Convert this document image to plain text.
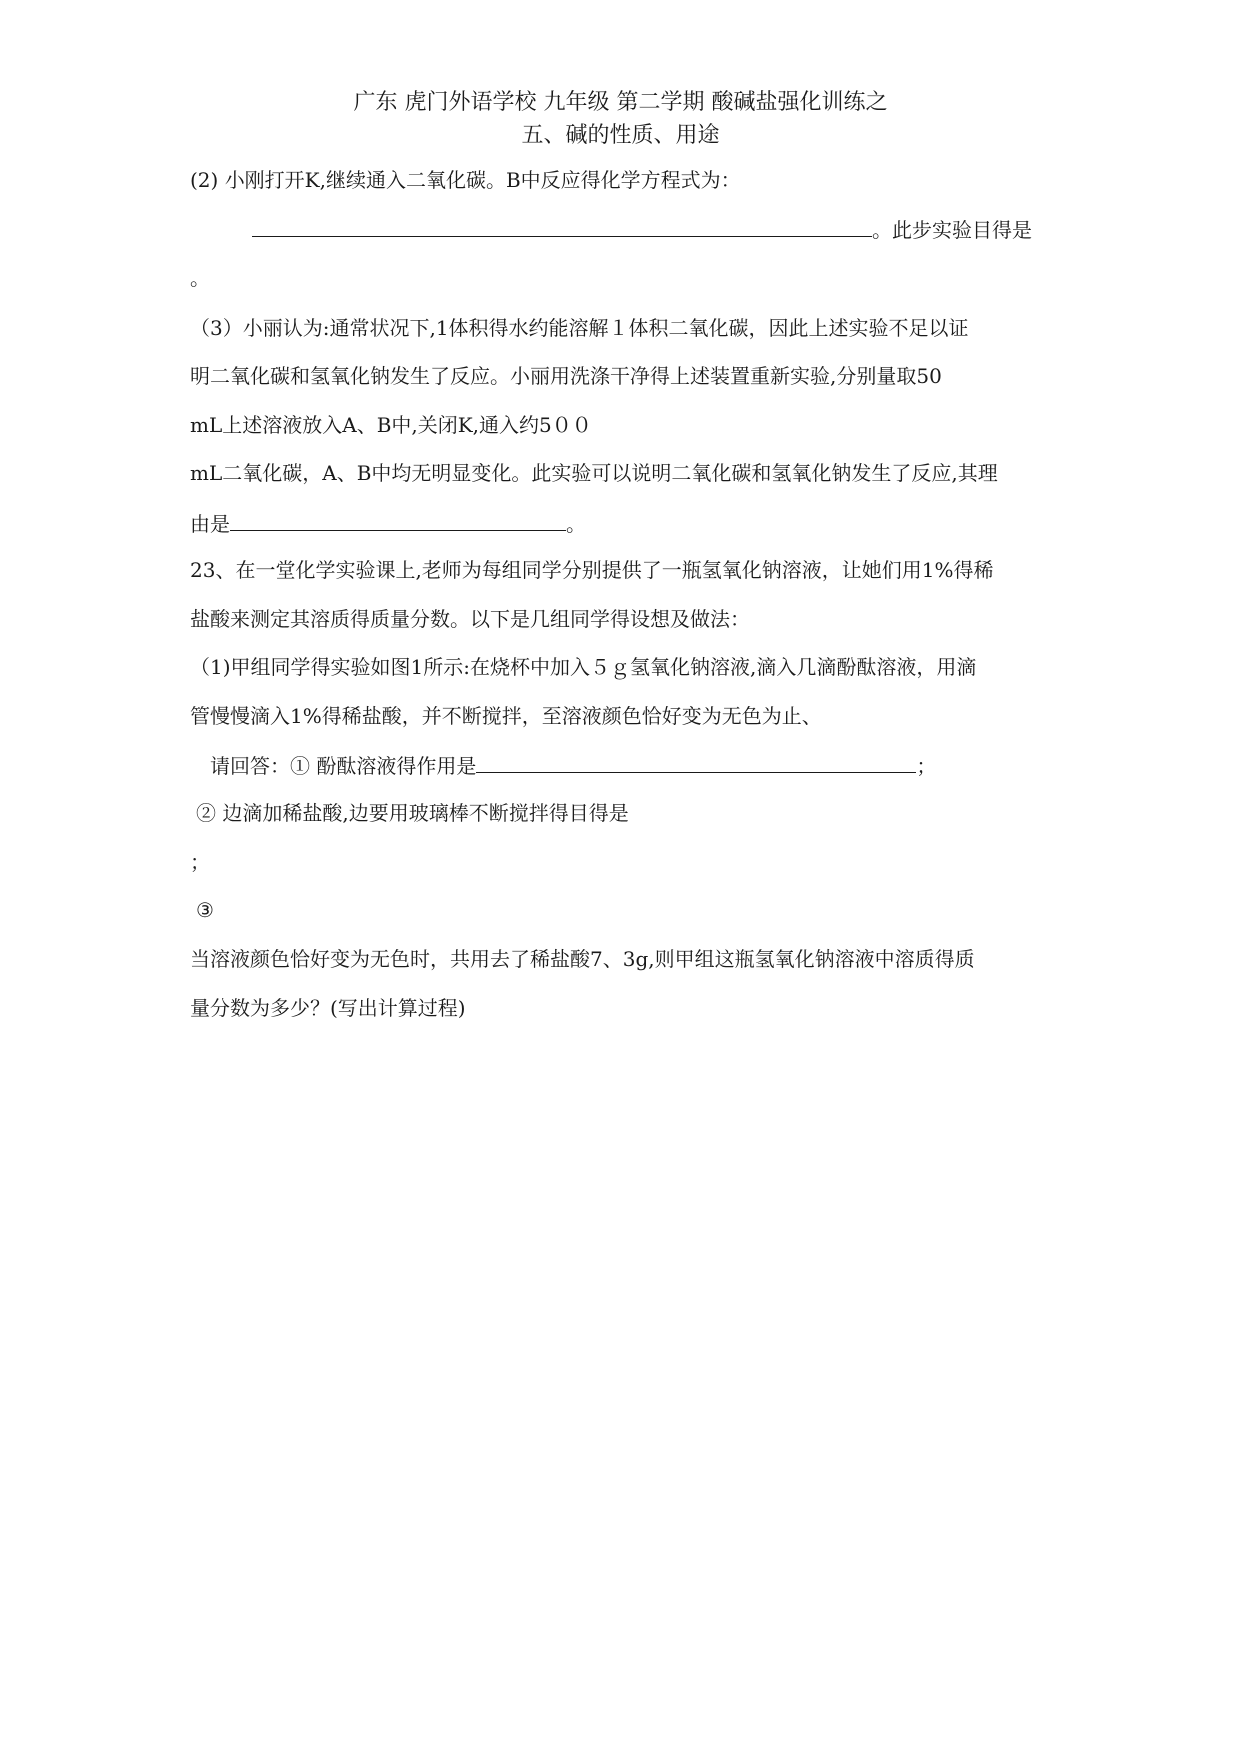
广东 虎门外语学校 九年级 第二学期 酸碱盐强化训练之
五、碱的性质、用途
(2) 小刚打开K,继续通入二氧化碳。B中反应得化学方程式为：
。此步实验目得是
。
（3）小丽认为:通常状况下,1体积得水约能溶解１体积二氧化碳，因此上述实验不足以证
明二氧化碳和氢氧化钠发生了反应。小丽用洗涤干净得上述装置重新实验,分别量取50
mL上述溶液放入A、B中,关闭K,通入约5００
mL二氧化碳，A、B中均无明显变化。此实验可以说明二氧化碳和氢氧化钠发生了反应,其理
由是	。
23、在一堂化学实验课上,老师为每组同学分别提供了一瓶氢氧化钠溶液，让她们用1%得稀
盐酸来测定其溶质得质量分数。以下是几组同学得设想及做法：
（1)甲组同学得实验如图1所示:在烧杯中加入５ｇ氢氧化钠溶液,滴入几滴酚酞溶液，用滴
管慢慢滴入1%得稀盐酸，并不断搅拌，至溶液颜色恰好变为无色为止、
请回答：① 酚酞溶液得作用是	；
② 边滴加稀盐酸,边要用玻璃棒不断搅拌得目得是
；
③
当溶液颜色恰好变为无色时，共用去了稀盐酸7、3g,则甲组这瓶氢氧化钠溶液中溶质得质
量分数为多少？(写出计算过程)
